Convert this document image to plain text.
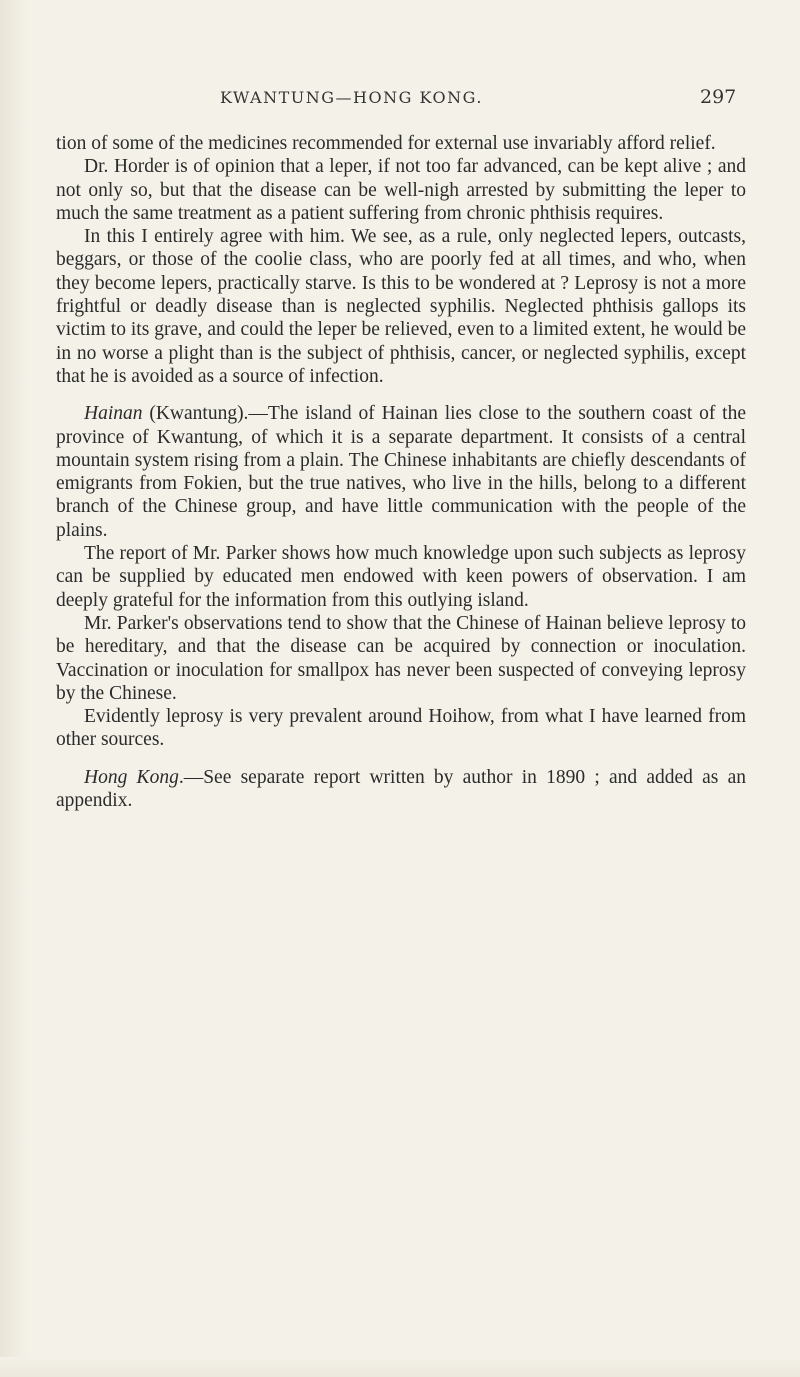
KWANTUNG—HONG KONG.	297

tion of some of the medicines recommended for external use invariably afford relief.

Dr. Horder is of opinion that a leper, if not too far advanced, can be kept alive ; and not only so, but that the disease can be well-nigh arrested by submitting the leper to much the same treatment as a patient suffering from chronic phthisis requires.

In this I entirely agree with him. We see, as a rule, only neglected lepers, outcasts, beggars, or those of the coolie class, who are poorly fed at all times, and who, when they become lepers, practically starve. Is this to be wondered at ? Leprosy is not a more frightful or deadly disease than is neglected syphilis. Neglected phthisis gallops its victim to its grave, and could the leper be relieved, even to a limited extent, he would be in no worse a plight than is the subject of phthisis, cancer, or neglected syphilis, except that he is avoided as a source of infection.

Hainan (Kwantung).—The island of Hainan lies close to the southern coast of the province of Kwantung, of which it is a separate department. It consists of a central mountain system rising from a plain. The Chinese inhabitants are chiefly descendants of emigrants from Fokien, but the true natives, who live in the hills, belong to a different branch of the Chinese group, and have little communication with the people of the plains.

The report of Mr. Parker shows how much knowledge upon such subjects as leprosy can be supplied by educated men endowed with keen powers of observation. I am deeply grateful for the information from this outlying island.

Mr. Parker's observations tend to show that the Chinese of Hainan believe leprosy to be hereditary, and that the disease can be acquired by connection or inoculation. Vaccination or inoculation for smallpox has never been suspected of conveying leprosy by the Chinese.

Evidently leprosy is very prevalent around Hoihow, from what I have learned from other sources.

Hong Kong.—See separate report written by author in 1890 ; and added as an appendix.
